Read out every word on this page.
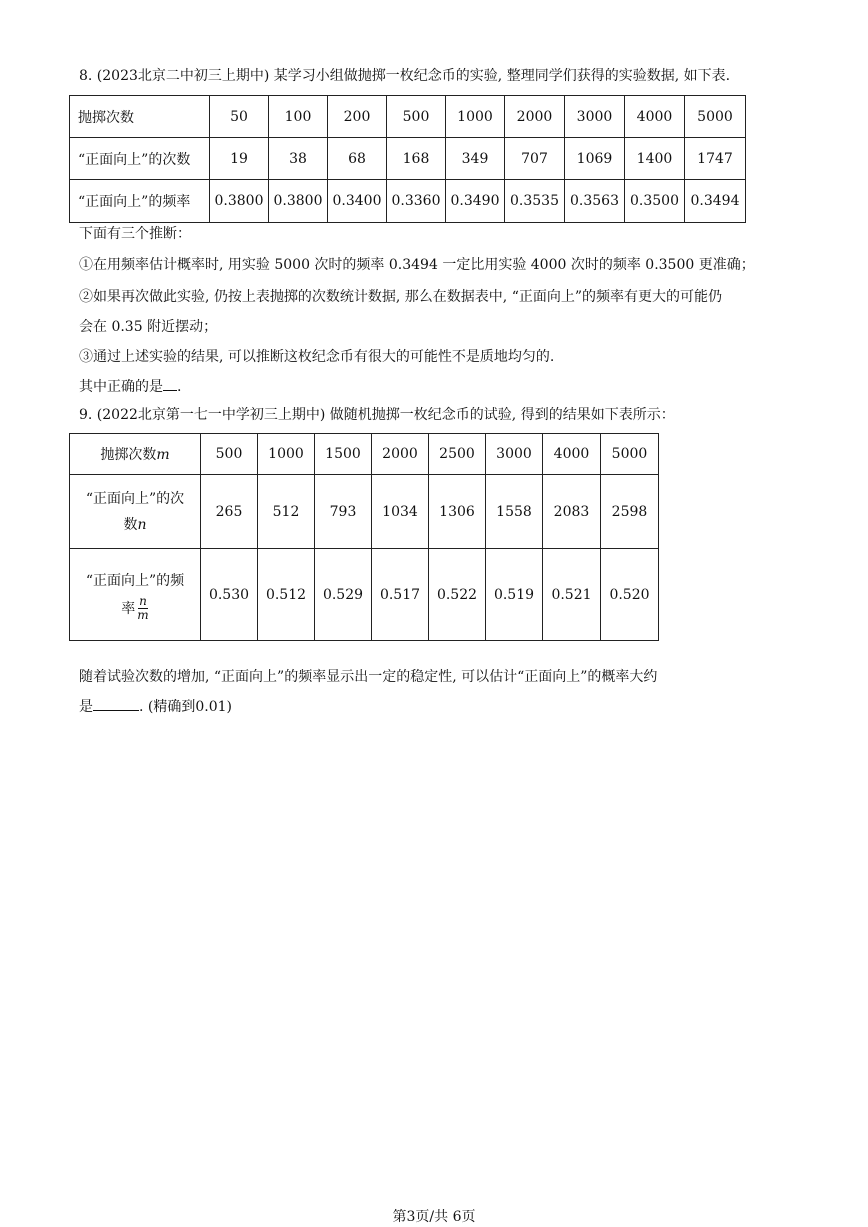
8. (2023北京二中初三上期中) 某学习小组做抛掷一枚纪念币的实验, 整理同学们获得的实验数据, 如下表.
抛掷次数	50	100	200	500	1000	2000	3000	4000	5000
“正面向上”的次数	19	38	68	168	349	707	1069	1400	1747
“正面向上”的频率	0.3800	0.3800	0.3400	0.3360	0.3490	0.3535	0.3563	0.3500	0.3494
下面有三个推断：
①在用频率估计概率时, 用实验 5000 次时的频率 0.3494 一定比用实验 4000 次时的频率 0.3500 更准确；
②如果再次做此实验, 仍按上表抛掷的次数统计数据, 那么在数据表中, “正面向上”的频率有更大的可能仍
会在 0.35 附近摆动；
③通过上述实验的结果, 可以推断这枚纪念币有很大的可能性不是质地均匀的.
其中正确的是 .
9. (2022北京第一七一中学初三上期中) 做随机抛掷一枚纪念币的试验, 得到的结果如下表所示：
抛掷次数m	500	1000	1500	2000	2500	3000	4000	5000
“正面向上”的次
数n	265	512	793	1034	1306	1558	2083	2598
“正面向上”的频
率 $\frac{n}{m}$	0.530	0.512	0.529	0.517	0.522	0.519	0.521	0.520
随着试验次数的增加, “正面向上”的频率显示出一定的稳定性, 可以估计“正面向上”的概率大约
是	. (精确到0.01)
第3页/共 6页
